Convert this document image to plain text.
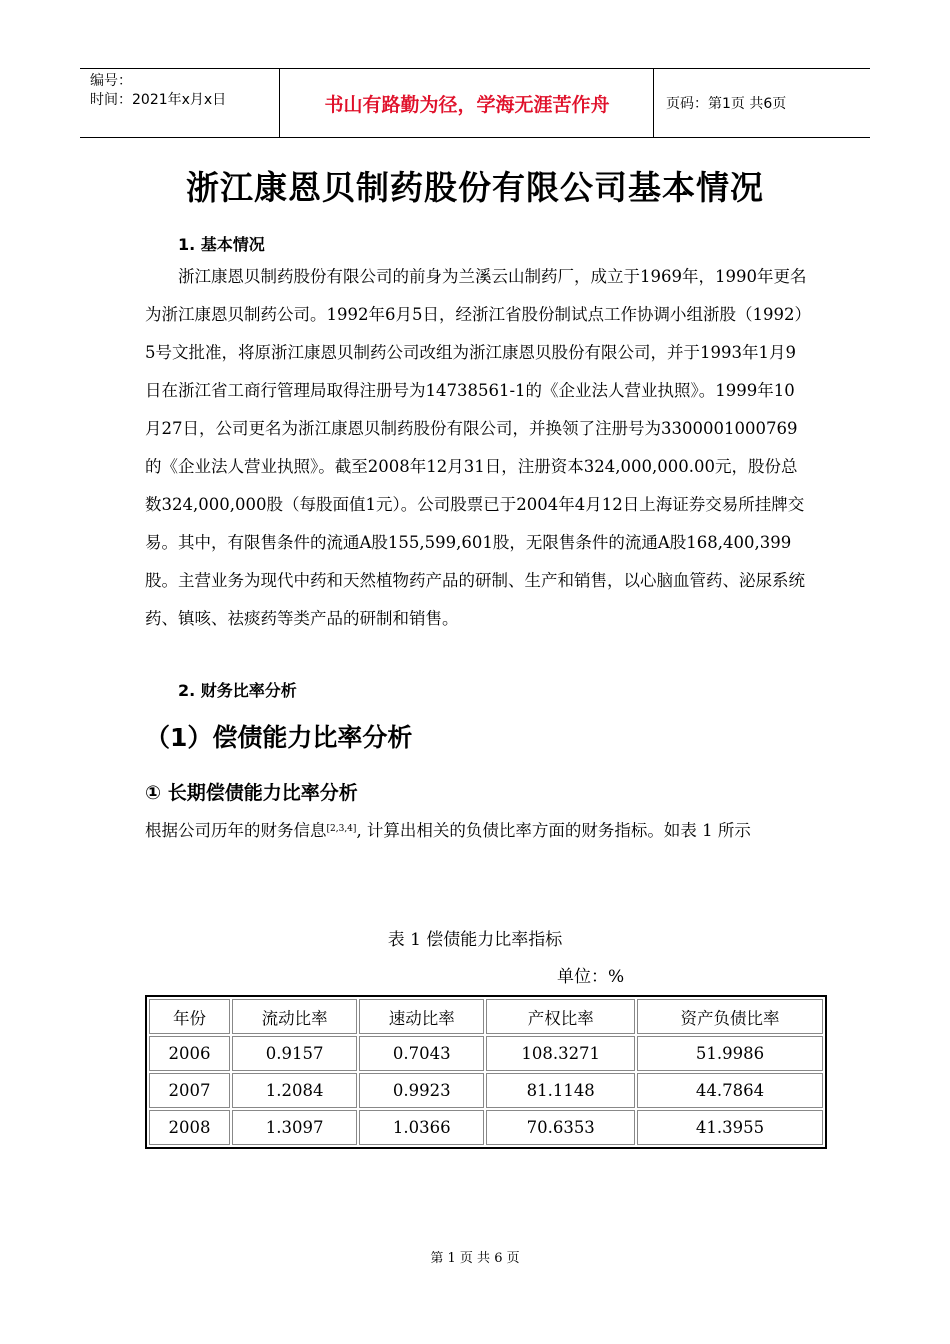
编号：
时间：2021年x月x日	书山有路勤为径，学海无涯苦作舟	页码：第1页 共6页
浙江康恩贝制药股份有限公司基本情况
1. 基本情况

浙江康恩贝制药股份有限公司的前身为兰溪云山制药厂，成立于1969年，1990年更名为浙江康恩贝制药公司。1992年6月5日，经浙江省股份制试点工作协调小组浙股（1992）5号文批准，将原浙江康恩贝制药公司改组为浙江康恩贝股份有限公司，并于1993年1月9日在浙江省工商行管理局取得注册号为14738561-1的《企业法人营业执照》。1999年10月27日，公司更名为浙江康恩贝制药股份有限公司，并换领了注册号为3300001000769的《企业法人营业执照》。截至2008年12月31日，注册资本324,000,000.00元，股份总数324,000,000股（每股面值1元）。公司股票已于2004年4月12日上海证券交易所挂牌交易。其中，有限售条件的流通A股155,599,601股，无限售条件的流通A股168,400,399股。主营业务为现代中药和天然植物药产品的研制、生产和销售，以心脑血管药、泌尿系统药、镇咳、祛痰药等类产品的研制和销售。

2. 财务比率分析
（1）偿债能力比率分析
① 长期偿债能力比率分析
根据公司历年的财务信息[2,3,4], 计算出相关的负债比率方面的财务指标。如表 1 所示
表 1 偿债能力比率指标
单位：%
年份	流动比率	速动比率	产权比率	资产负债比率
2006	0.9157	0.7043	108.3271	51.9986
2007	1.2084	0.9923	81.1148	44.7864
2008	1.3097	1.0366	70.6353	41.3955
第 1 页 共 6 页
